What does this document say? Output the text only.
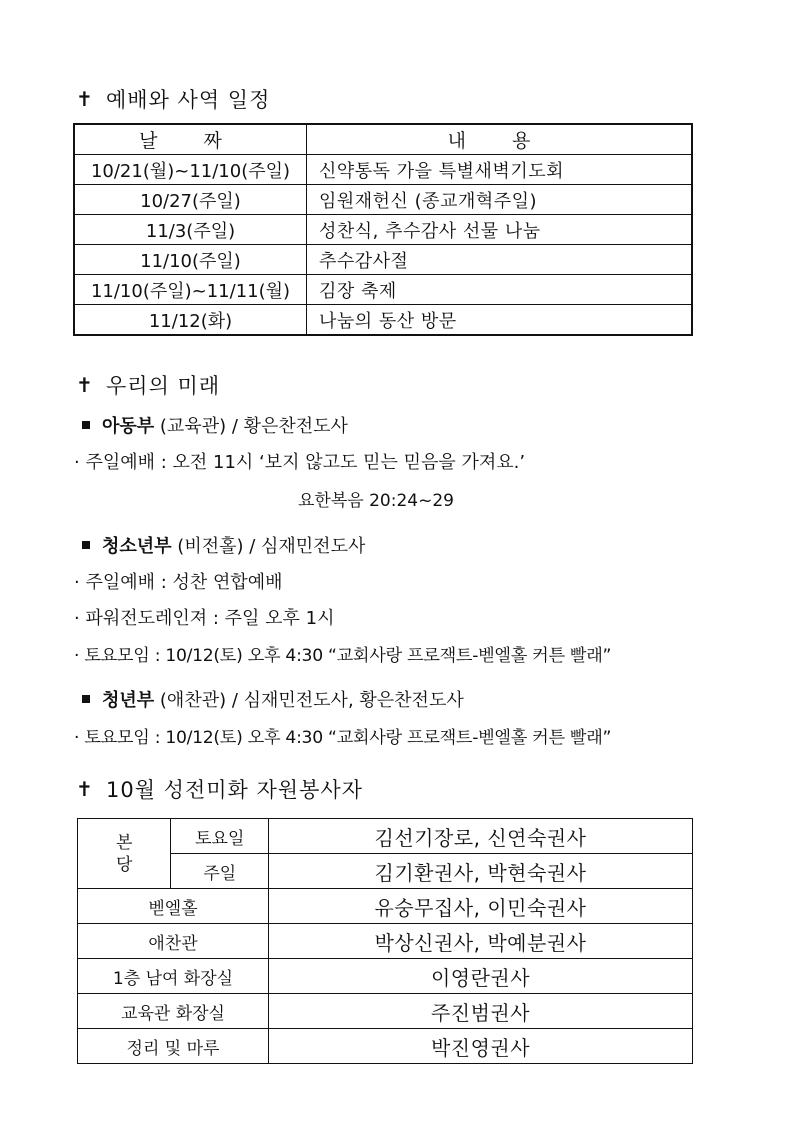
✝ 예배와 사역 일정
날 짜	내 용
10/21(월)~11/10(주일)	신약통독 가을 특별새벽기도회
10/27(주일)	임원재헌신 (종교개혁주일)
11/3(주일)	성찬식, 추수감사 선물 나눔
11/10(주일)	추수감사절
11/10(주일)~11/11(월)	김장 축제
11/12(화)	나눔의 동산 방문
✝ 우리의 미래
아동부 (교육관) / 황은찬전도사
· 주일예배 : 오전 11시 ‘보지 않고도 믿는 믿음을 가져요.’
요한복음 20:24~29
청소년부 (비전홀) / 심재민전도사
· 주일예배 : 성찬 연합예배
· 파워전도레인져 : 주일 오후 1시
· 토요모임 : 10/12(토) 오후 4:30 “교회사랑 프로잭트-벧엘홀 커튼 빨래”
청년부 (애찬관) / 심재민전도사, 황은찬전도사
· 토요모임 : 10/12(토) 오후 4:30 “교회사랑 프로잭트-벧엘홀 커튼 빨래”
✝ 10월 성전미화 자원봉사자
본 당	토요일	김선기장로, 신연숙권사
	주일	김기환권사, 박현숙권사
벧엘홀		유숭무집사, 이민숙권사
애찬관		박상신권사, 박예분권사
1층 남여 화장실		이영란권사
교육관 화장실		주진범권사
정리 및 마루		박진영권사
